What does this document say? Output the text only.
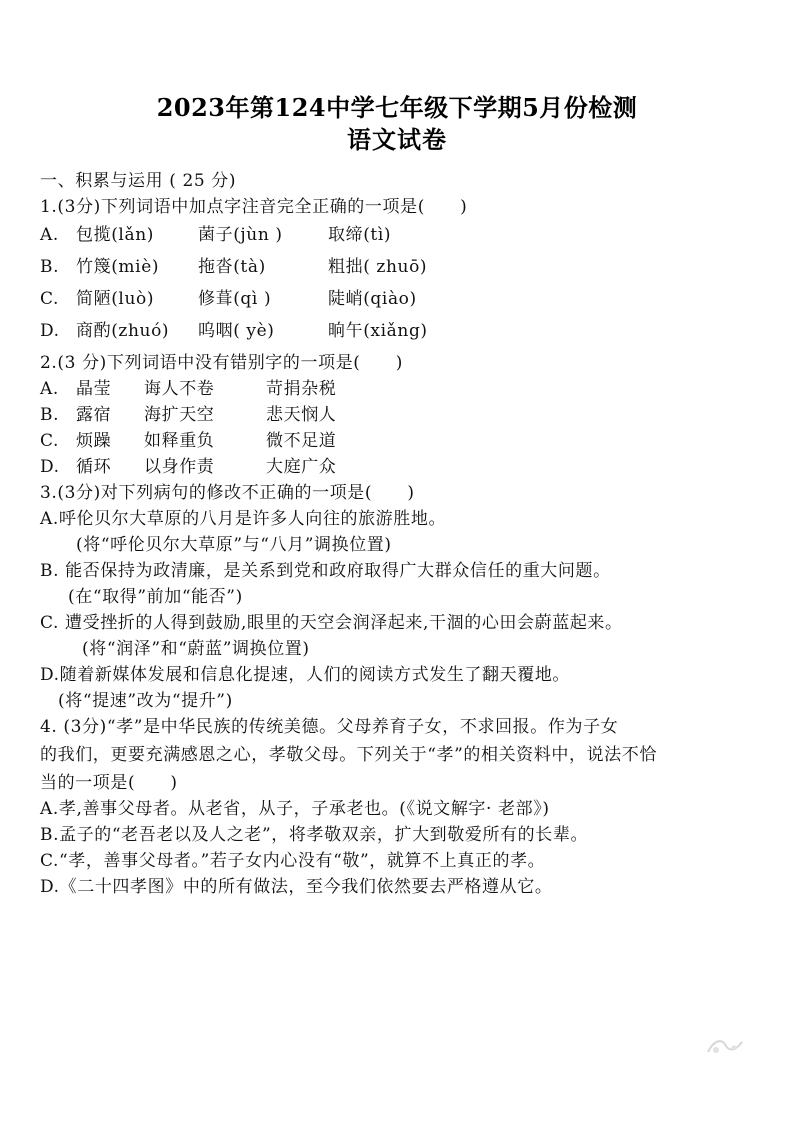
2023年第124中学七年级下学期5月份检测
语文试卷
一、积累与运用 ( 25 分)
1.(3分)下列词语中加点字注音完全正确的一项是(　　)
A. 包揽(lǎn)	菌子(jùn )	取缔(tì)
B. 竹篾(miè) 拖沓(tà)	粗拙( zhuō)
C. 简陋(luò)	修葺(qì )	陡峭(qiào)
D. 商酌(zhuó) 呜咽( yè)	晌午(xiǎng)
2.(3 分)下列词语中没有错别字的一项是(　　)
A. 晶莹 诲人不卷	苛捐杂税
B. 露宿 海扩天空	悲天悯人
C. 烦躁 如释重负	微不足道
D. 循环 以身作责	大庭广众
3.(3分)对下列病句的修改不正确的一项是(　　)
A.呼伦贝尔大草原的八月是许多人向往的旅游胜地。
(将“呼伦贝尔大草原”与“八月”调换位置)
B. 能否保持为政清廉，是关系到党和政府取得广大群众信任的重大问题。
(在“取得”前加“能否”)
C. 遭受挫折的人得到鼓励,眼里的天空会润泽起来,干涸的心田会蔚蓝起来。
(将“润泽”和“蔚蓝”调换位置)
D.随着新媒体发展和信息化提速，人们的阅读方式发生了翻天覆地。
(将“提速”改为“提升”)
4. (3分)“孝”是中华民族的传统美德。父母养育子女，不求回报。作为子女
的我们，更要充满感恩之心，孝敬父母。下列关于“孝”的相关资料中，说法不恰
当的一项是(　　)
A.孝,善事父母者。从老省，从子，子承老也。(《说文解字· 老部》)
B.孟子的“老吾老以及人之老”，将孝敬双亲，扩大到敬爱所有的长辈。
C.“孝，善事父母者。”若子女内心没有“敬”，就算不上真正的孝。
D.《二十四孝图》中的所有做法，至今我们依然要去严格遵从它。
